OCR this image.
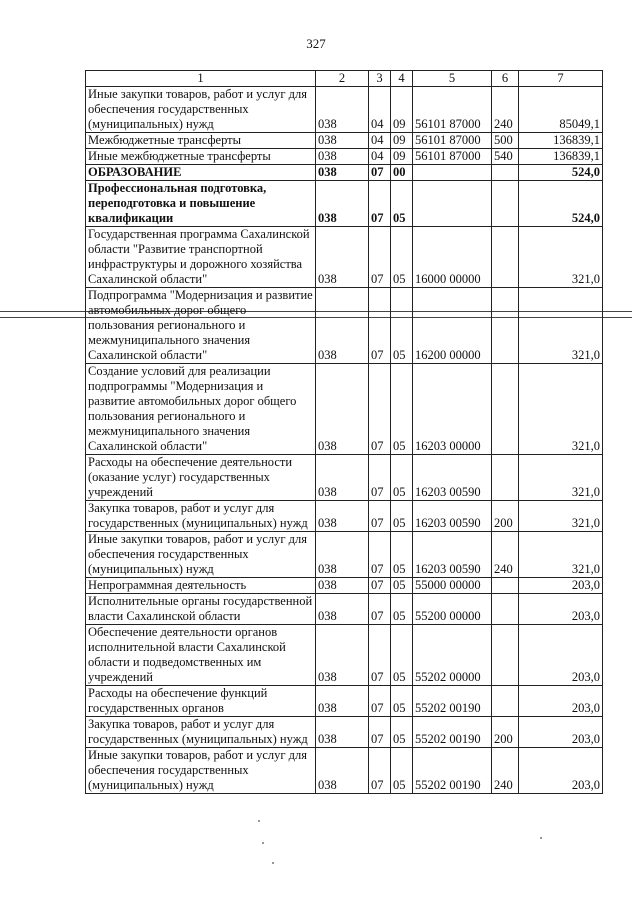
327
1	2	3	4	5	6	7
Иные закупки товаров, работ и услуг для обеспечения государственных (муниципальных) нужд	038	04	09	56101 87000	240	85049,1
Межбюджетные трансферты	038	04	09	56101 87000	500	136839,1
Иные межбюджетные трансферты	038	04	09	56101 87000	540	136839,1
ОБРАЗОВАНИЕ	038	07	00			524,0
Профессиональная подготовка, переподготовка и повышение квалификации	038	07	05			524,0
Государственная программа Сахалинской области "Развитие транспортной инфраструктуры и дорожного хозяйства Сахалинской области"	038	07	05	16000 00000		321,0
Подпрограмма "Модернизация и развитие автомобильных дорог общего пользования регионального и межмуниципального значения Сахалинской области"	038	07	05	16200 00000		321,0
Создание условий для реализации подпрограммы "Модернизация и развитие автомобильных дорог общего пользования регионального и межмуниципального значения Сахалинской области"	038	07	05	16203 00000		321,0
Расходы на обеспечение деятельности (оказание услуг) государственных учреждений	038	07	05	16203 00590		321,0
Закупка товаров, работ и услуг для государственных (муниципальных) нужд	038	07	05	16203 00590	200	321,0
Иные закупки товаров, работ и услуг для обеспечения государственных (муниципальных) нужд	038	07	05	16203 00590	240	321,0
Непрограммная деятельность	038	07	05	55000 00000		203,0
Исполнительные органы государственной власти Сахалинской области	038	07	05	55200 00000		203,0
Обеспечение деятельности органов исполнительной власти Сахалинской области и подведомственных им учреждений	038	07	05	55202 00000		203,0
Расходы на обеспечение функций государственных органов	038	07	05	55202 00190		203,0
Закупка товаров, работ и услуг для государственных (муниципальных) нужд	038	07	05	55202 00190	200	203,0
Иные закупки товаров, работ и услуг для обеспечения государственных (муниципальных) нужд	038	07	05	55202 00190	240	203,0
